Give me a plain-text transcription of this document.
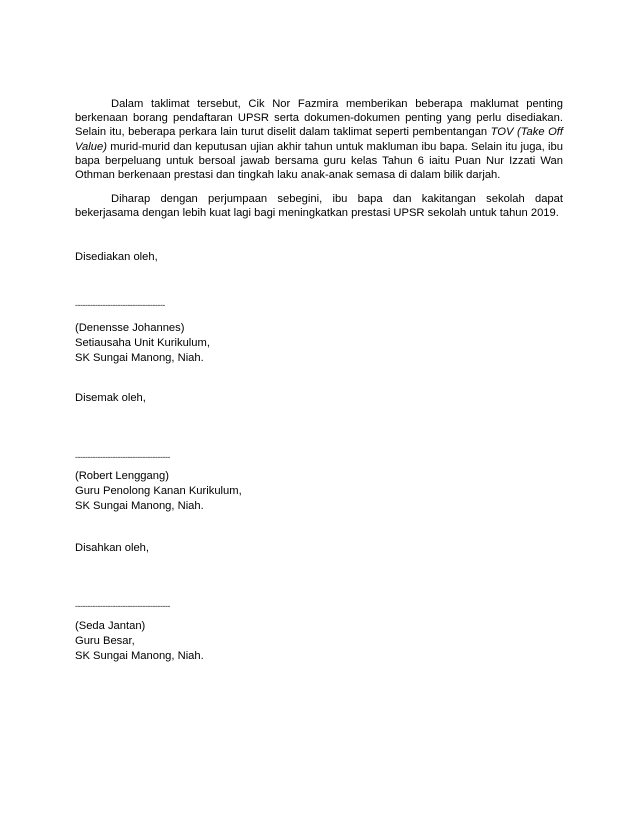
Dalam taklimat tersebut, Cik Nor Fazmira memberikan beberapa maklumat penting berkenaan borang pendaftaran UPSR serta dokumen-dokumen penting yang perlu disediakan. Selain itu, beberapa perkara lain turut diselit dalam taklimat seperti pembentangan TOV (Take Off Value) murid-murid dan keputusan ujian akhir tahun untuk makluman ibu bapa. Selain itu juga, ibu bapa berpeluang untuk bersoal jawab bersama guru kelas Tahun 6 iaitu Puan Nur Izzati Wan Othman berkenaan prestasi dan tingkah laku anak-anak semasa di dalam bilik darjah.

Diharap dengan perjumpaan sebegini, ibu bapa dan kakitangan sekolah dapat bekerjasama dengan lebih kuat lagi bagi meningkatkan prestasi UPSR sekolah untuk tahun 2019.

Disediakan oleh,

------------------------------------

(Denensse Johannes)

Setiausaha Unit Kurikulum,

SK Sungai Manong, Niah.

Disemak oleh,

--------------------------------------

(Robert Lenggang)

Guru Penolong Kanan Kurikulum,

SK Sungai Manong, Niah.

Disahkan oleh,

--------------------------------------

(Seda Jantan)

Guru Besar,

SK Sungai Manong, Niah.
